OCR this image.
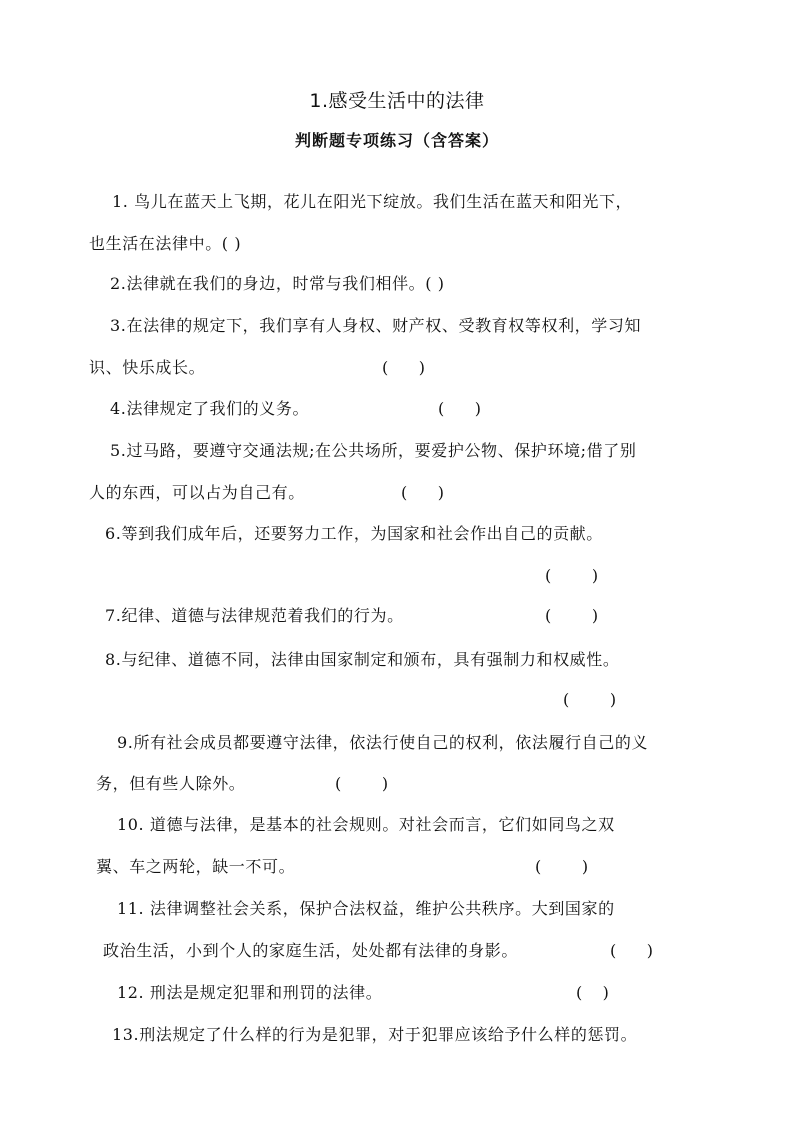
1.感受生活中的法律
判断题专项练习（含答案）
1. 鸟儿在蓝天上飞期，花儿在阳光下绽放。我们生活在蓝天和阳光下，
也生活在法律中。( )
2.法律就在我们的身边，时常与我们相伴。( )
3.在法律的规定下，我们享有人身权、财产权、受教育权等权利，学习知
识、快乐成长。	(      )
4.法律规定了我们的义务。	(      )
5.过马路，要遵守交通法规;在公共场所，要爱护公物、保护环境;借了别
人的东西，可以占为自己有。	(      )
6.等到我们成年后，还要努力工作，为国家和社会作出自己的贡献。
(        )
7.纪律、道德与法律规范着我们的行为。	(        )
8.与纪律、道德不同，法律由国家制定和颁布，具有强制力和权威性。
(        )
9.所有社会成员都要遵守法律，依法行使自己的权利，依法履行自己的义
务，但有些人除外。	(        )
10. 道德与法律，是基本的社会规则。对社会而言，它们如同鸟之双
翼、车之两轮，缺一不可。	(        )
11. 法律调整社会关系，保护合法权益，维护公共秩序。大到国家的
政治生活，小到个人的家庭生活，处处都有法律的身影。	(      )
12. 刑法是规定犯罪和刑罚的法律。	(    )
13.刑法规定了什么样的行为是犯罪，对于犯罪应该给予什么样的惩罚。
